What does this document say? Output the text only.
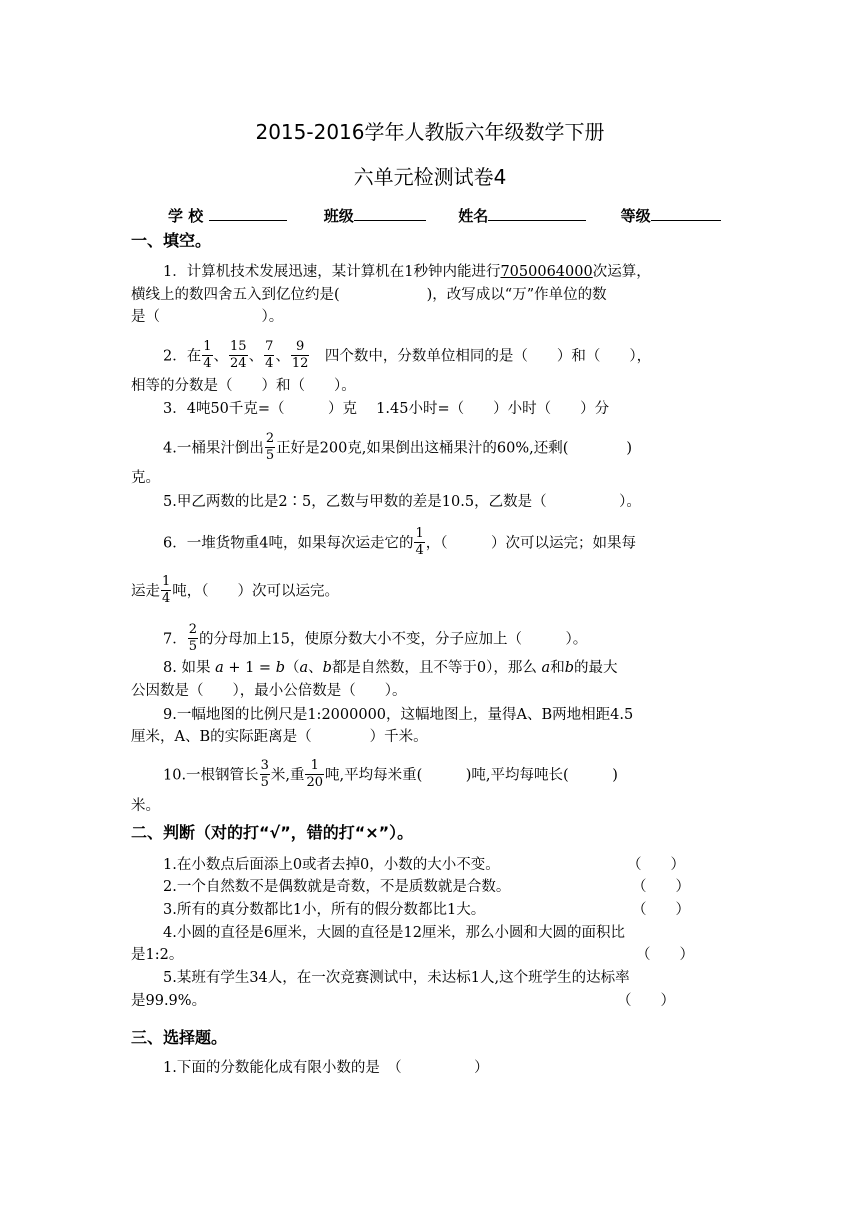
2015-2016学年人教版六年级数学下册
六单元检测试卷4
学 校	班级	姓名	等级
一、填空。
1．计算机技术发展迅速，某计算机在1秒钟内能进行7050064000次运算，
横线上的数四舍五入到亿位约是(　　　　　　)，改写成以“万”作单位的数
是（　　　　　　　）。
2．在 $\frac{1}{4}$ 、 $\frac{15}{24}$ 、 $\frac{7}{4}$ 、 $\frac{9}{12}$ 　四个数中，分数单位相同的是（　　）和（　　），
相等的分数是（　　）和（　　）。
3．4吨50千克=（　　　）克　 1.45小时=（　　）小时（　　）分
4.一桶果汁倒出 $\frac{2}{5}$ 正好是200克,如果倒出这桶果汁的60%,还剩(　　　　)
克。
5.甲乙两数的比是2∶5，乙数与甲数的差是10.5，乙数是（　　　　　）。
6．一堆货物重4吨，如果每次运走它的 $\frac{1}{4}$ ，（　　　）次可以运完；如果每
运走 $\frac{1}{4}$ 吨，（　　）次可以运完。
7． $\frac{2}{5}$ 的分母加上15，使原分数大小不变，分子应加上（　　　）。
8. 如果 a + 1 = b（a、b都是自然数，且不等于0），那么 a和b的最大
公因数是（　　），最小公倍数是（　　）。
9.一幅地图的比例尺是1:2000000，这幅地图上，量得A、B两地相距4.5
厘米，A、B的实际距离是（　　　　）千米。
10.一根钢管长 $\frac{3}{5}$ 米,重 $\frac{1}{20}$ 吨,平均每米重(　　　)吨,平均每吨长(　　　)
米。
二、判断（对的打“√”，错的打“×”）。
1.在小数点后面添上0或者去掉0，小数的大小不变。	（　　）
2.一个自然数不是偶数就是奇数，不是质数就是合数。	（　　）
3.所有的真分数都比1小，所有的假分数都比1大。	（　　）
4.小圆的直径是6厘米，大圆的直径是12厘米，那么小圆和大圆的面积比
是1:2。	（　　）
5.某班有学生34人，在一次竞赛测试中，未达标1人,这个班学生的达标率
是99.9%。	（　　）
三、选择题。
1.下面的分数能化成有限小数的是　（　　　　　）
